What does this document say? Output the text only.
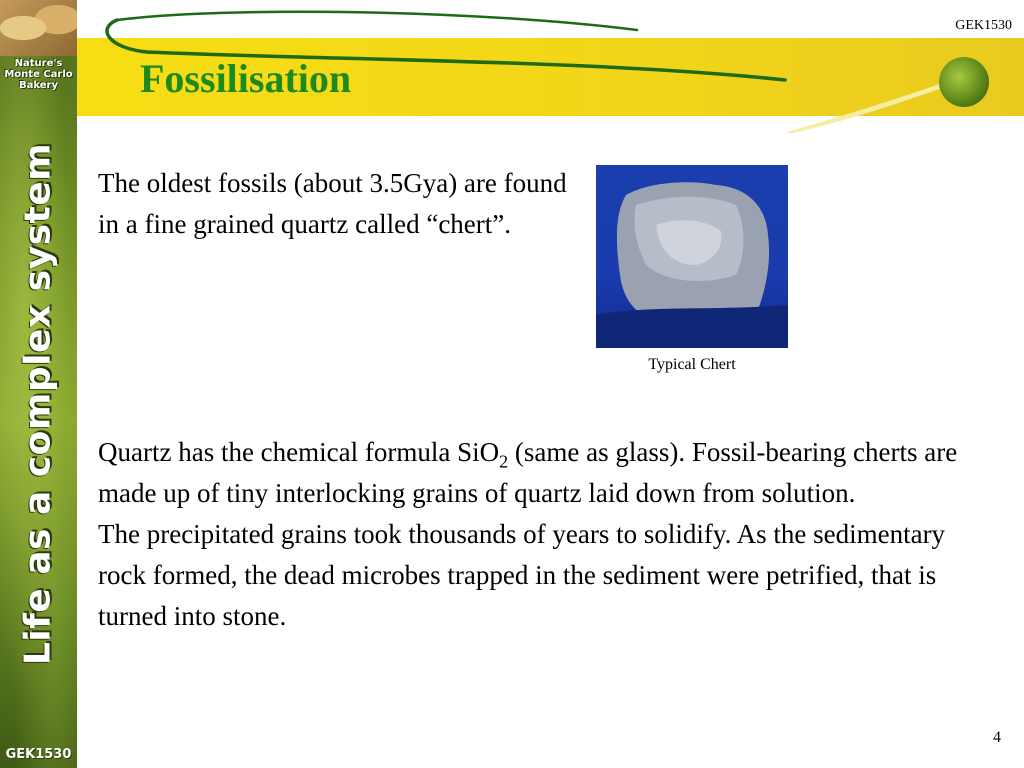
Nature's
Monte Carlo
Bakery
Life as a complex system
GEK1530
GEK1530
Fossilisation
The oldest fossils (about 3.5Gya) are found in a fine grained quartz called “chert”.
Typical Chert

Quartz has the chemical formula SiO$_2$ (same as glass). Fossil-bearing cherts are made up of tiny interlocking grains of quartz laid down from solution.

The precipitated grains took thousands of years to solidify. As the sedimentary rock formed, the dead microbes trapped in the sediment were petrified, that is turned into stone.

4
